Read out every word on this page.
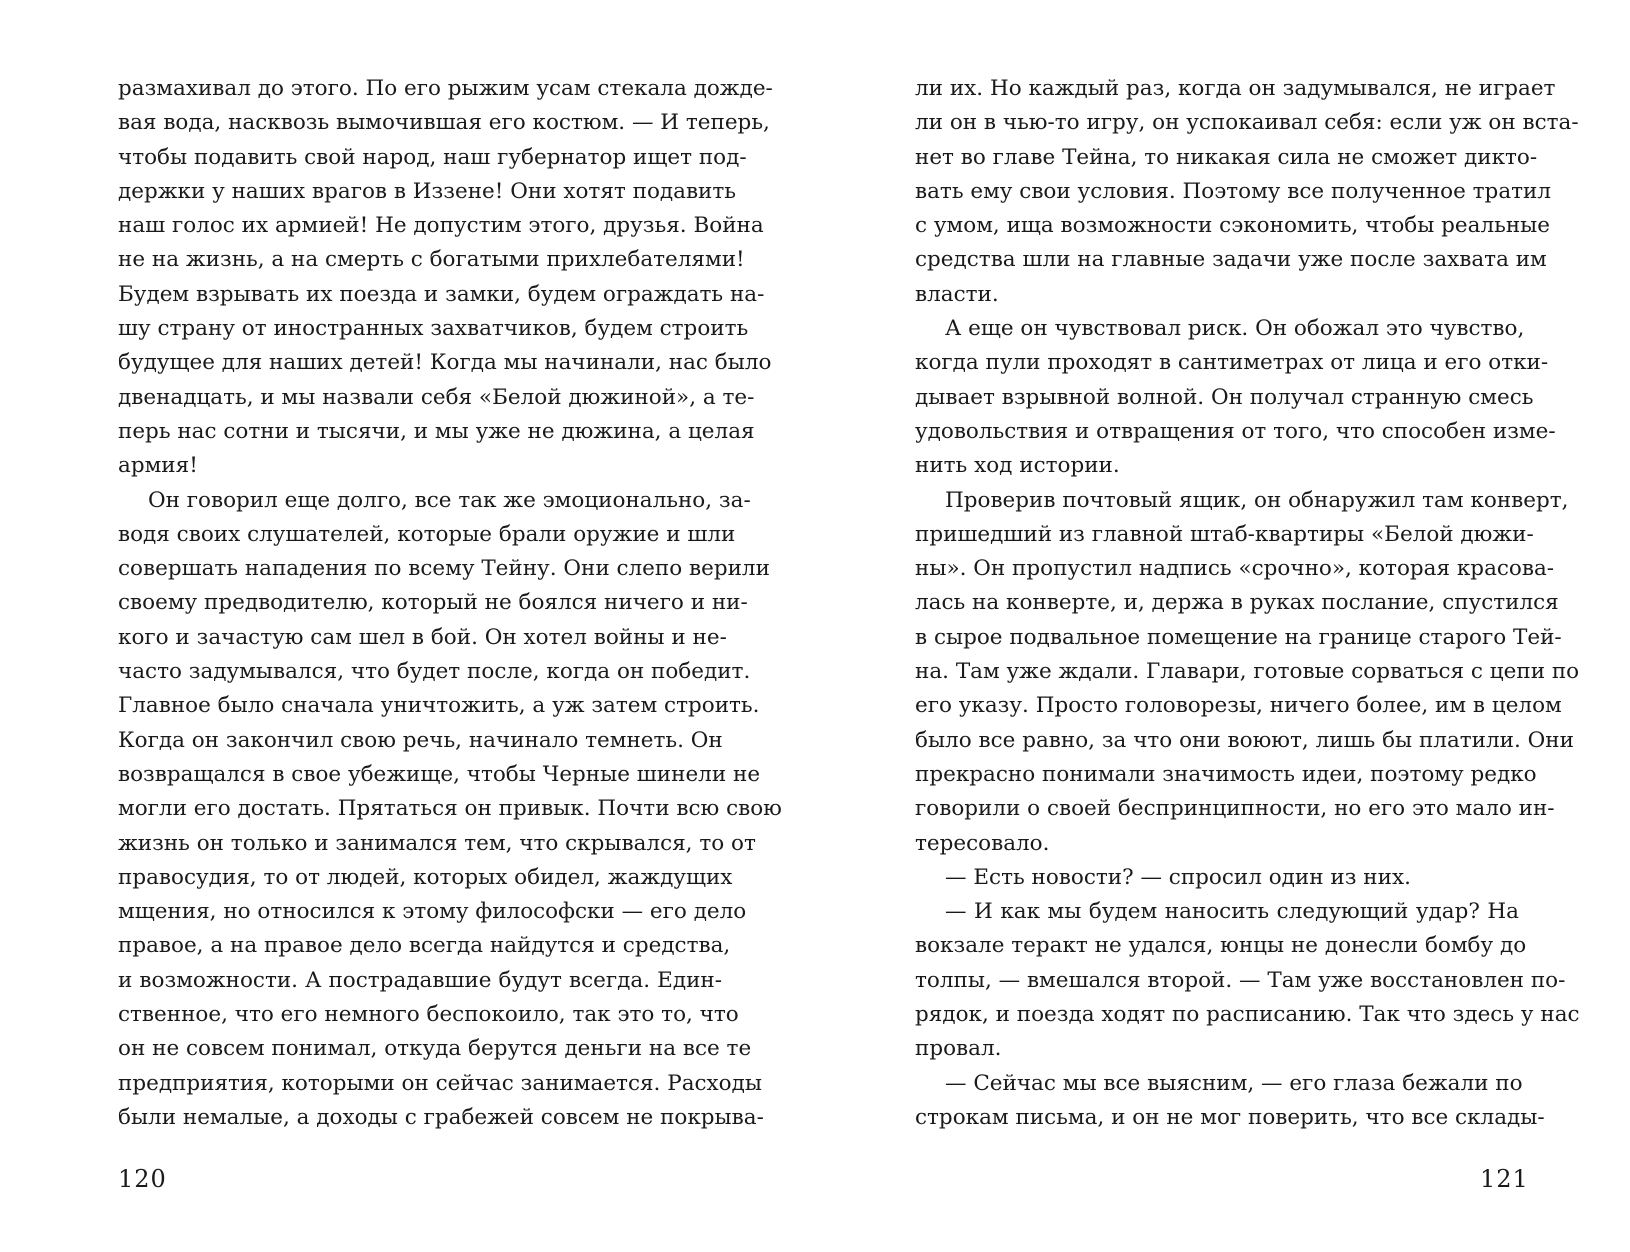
размахивал до этого. По его рыжим усам стекала дожде-
вая вода, насквозь вымочившая его костюм. — И теперь,
чтобы подавить свой народ, наш губернатор ищет под-
держки у наших врагов в Иззене! Они хотят подавить
наш голос их армией! Не допустим этого, друзья. Война
не на жизнь, а на смерть с богатыми прихлебателями!
Будем взрывать их поезда и замки, будем ограждать на-
шу страну от иностранных захватчиков, будем строить
будущее для наших детей! Когда мы начинали, нас было
двенадцать, и мы назвали себя «Белой дюжиной», а те-
перь нас сотни и тысячи, и мы уже не дюжина, а целая
армия!
Он говорил еще долго, все так же эмоционально, за-
водя своих слушателей, которые брали оружие и шли
совершать нападения по всему Тейну. Они слепо верили
своему предводителю, который не боялся ничего и ни-
кого и зачастую сам шел в бой. Он хотел войны и не-
часто задумывался, что будет после, когда он победит.
Главное было сначала уничтожить, а уж затем строить.
Когда он закончил свою речь, начинало темнеть. Он
возвращался в свое убежище, чтобы Черные шинели не
могли его достать. Прятаться он привык. Почти всю свою
жизнь он только и занимался тем, что скрывался, то от
правосудия, то от людей, которых обидел, жаждущих
мщения, но относился к этому философски — его дело
правое, а на правое дело всегда найдутся и средства,
и возможности. А пострадавшие будут всегда. Един-
ственное, что его немного беспокоило, так это то, что
он не совсем понимал, откуда берутся деньги на все те
предприятия, которыми он сейчас занимается. Расходы
были немалые, а доходы с грабежей совсем не покрыва-
120
ли их. Но каждый раз, когда он задумывался, не играет
ли он в чью-то игру, он успокаивал себя: если уж он вста-
нет во главе Тейна, то никакая сила не сможет дикто-
вать ему свои условия. Поэтому все полученное тратил
с умом, ища возможности сэкономить, чтобы реальные
средства шли на главные задачи уже после захвата им
власти.
А еще он чувствовал риск. Он обожал это чувство,
когда пули проходят в сантиметрах от лица и его отки-
дывает взрывной волной. Он получал странную смесь
удовольствия и отвращения от того, что способен изме-
нить ход истории.
Проверив почтовый ящик, он обнаружил там конверт,
пришедший из главной штаб-квартиры «Белой дюжи-
ны». Он пропустил надпись «срочно», которая красова-
лась на конверте, и, держа в руках послание, спустился
в сырое подвальное помещение на границе старого Тей-
на. Там уже ждали. Главари, готовые сорваться с цепи по
его указу. Просто головорезы, ничего более, им в целом
было все равно, за что они воюют, лишь бы платили. Они
прекрасно понимали значимость идеи, поэтому редко
говорили о своей беспринципности, но его это мало ин-
тересовало.
— Есть новости? — спросил один из них.
— И как мы будем наносить следующий удар? На
вокзале теракт не удался, юнцы не донесли бомбу до
толпы, — вмешался второй. — Там уже восстановлен по-
рядок, и поезда ходят по расписанию. Так что здесь у нас
провал.
— Сейчас мы все выясним, — его глаза бежали по
строкам письма, и он не мог поверить, что все склады-
121
